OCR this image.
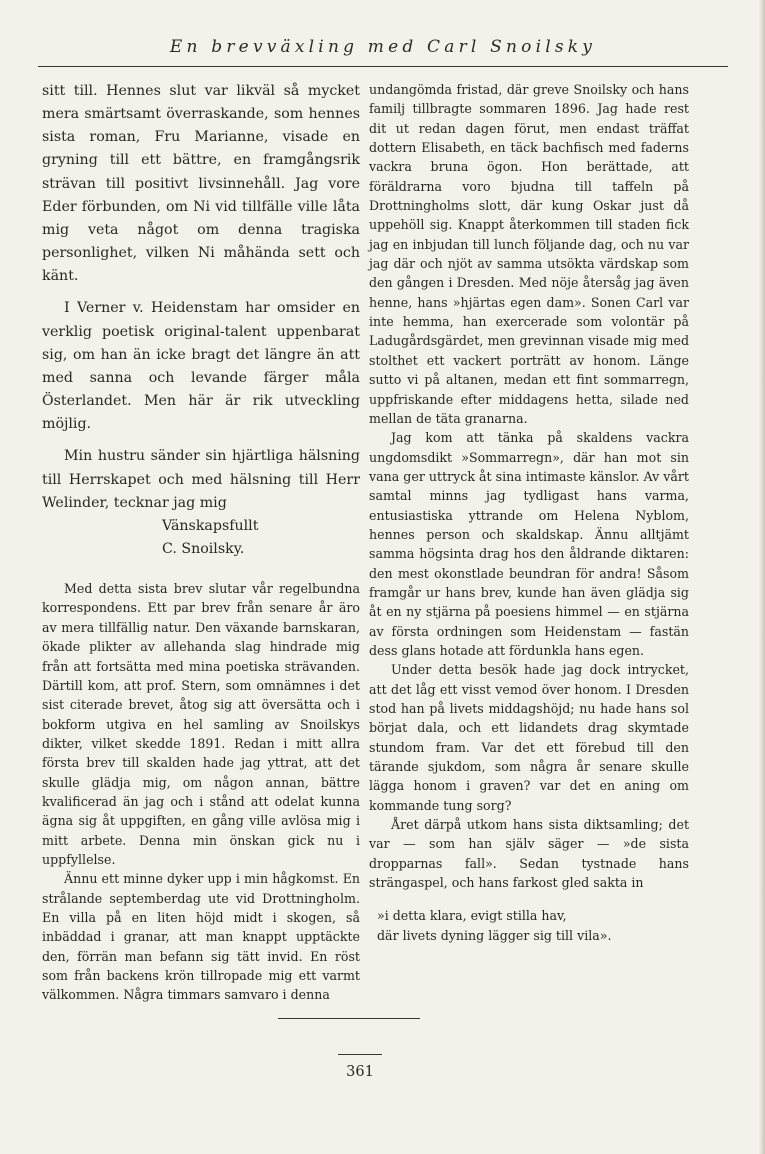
En brevväxling med Carl Snoilsky

sitt till. Hennes slut var likväl så mycket mera smärtsamt överraskande, som hennes sista roman, Fru Marianne, visade en gryning till ett bättre, en framgångsrik strävan till positivt livsinnehåll. Jag vore Eder förbunden, om Ni vid tillfälle ville låta mig veta något om denna tragiska personlighet, vilken Ni måhända sett och känt.

I Verner v. Heidenstam har omsider en verklig poetisk original-talent uppenbarat sig, om han än icke bragt det längre än att med sanna och levande färger måla Österlandet. Men här är rik utveckling möjlig.

Min hustru sänder sin hjärtliga hälsning till Herrskapet och med hälsning till Herr Welinder, tecknar jag mig

Vänskapsfullt

C. Snoilsky.

Med detta sista brev slutar vår regelbundna korrespondens. Ett par brev från senare år äro av mera tillfällig natur. Den växande barnskaran, ökade plikter av allehanda slag hindrade mig från att fortsätta med mina poetiska strävanden. Därtill kom, att prof. Stern, som omnämnes i det sist citerade brevet, åtog sig att översätta och i bokform utgiva en hel samling av Snoilskys dikter, vilket skedde 1891. Redan i mitt allra första brev till skalden hade jag yttrat, att det skulle glädja mig, om någon annan, bättre kvalificerad än jag och i stånd att odelat kunna ägna sig åt uppgiften, en gång ville avlösa mig i mitt arbete. Denna min önskan gick nu i uppfyllelse.

Ännu ett minne dyker upp i min hågkomst. En strålande septemberdag ute vid Drottningholm. En villa på en liten höjd midt i skogen, så inbäddad i granar, att man knappt upptäckte den, förrän man befann sig tätt invid. En röst som från backens krön tillropade mig ett varmt välkommen. Några timmars samvaro i denna

undangömda fristad, där greve Snoilsky och hans familj tillbragte sommaren 1896. Jag hade rest dit ut redan dagen förut, men endast träffat dottern Elisabeth, en täck bachfisch med faderns vackra bruna ögon. Hon berättade, att föräldrarna voro bjudna till taffeln på Drottningholms slott, där kung Oskar just då uppehöll sig. Knappt återkommen till staden fick jag en inbjudan till lunch följande dag, och nu var jag där och njöt av samma utsökta värdskap som den gången i Dresden. Med nöje återsåg jag även henne, hans »hjärtas egen dam». Sonen Carl var inte hemma, han exercerade som volontär på Ladugårdsgärdet, men grevinnan visade mig med stolthet ett vackert porträtt av honom. Länge sutto vi på altanen, medan ett fint sommarregn, uppfriskande efter middagens hetta, silade ned mellan de täta granarna.

Jag kom att tänka på skaldens vackra ungdomsdikt »Sommarregn», där han mot sin vana ger uttryck åt sina intimaste känslor. Av vårt samtal minns jag tydligast hans varma, entusiastiska yttrande om Helena Nyblom, hennes person och skaldskap. Ännu alltjämt samma högsinta drag hos den åldrande diktaren: den mest okonstlade beundran för andra! Såsom framgår ur hans brev, kunde han även glädja sig åt en ny stjärna på poesiens himmel — en stjärna av första ordningen som Heidenstam — fastän dess glans hotade att fördunkla hans egen.

Under detta besök hade jag dock intrycket, att det låg ett visst vemod över honom. I Dresden stod han på livets middagshöjd; nu hade hans sol börjat dala, och ett lidandets drag skymtade stundom fram. Var det ett förebud till den tärande sjukdom, som några år senare skulle lägga honom i graven? var det en aning om kommande tung sorg?

Året därpå utkom hans sista diktsamling; det var — som han själv säger — »de sista dropparnas fall». Sedan tystnade hans strängaspel, och hans farkost gled sakta in

»i detta klara, evigt stilla hav,

där livets dyning lägger sig till vila».

361
